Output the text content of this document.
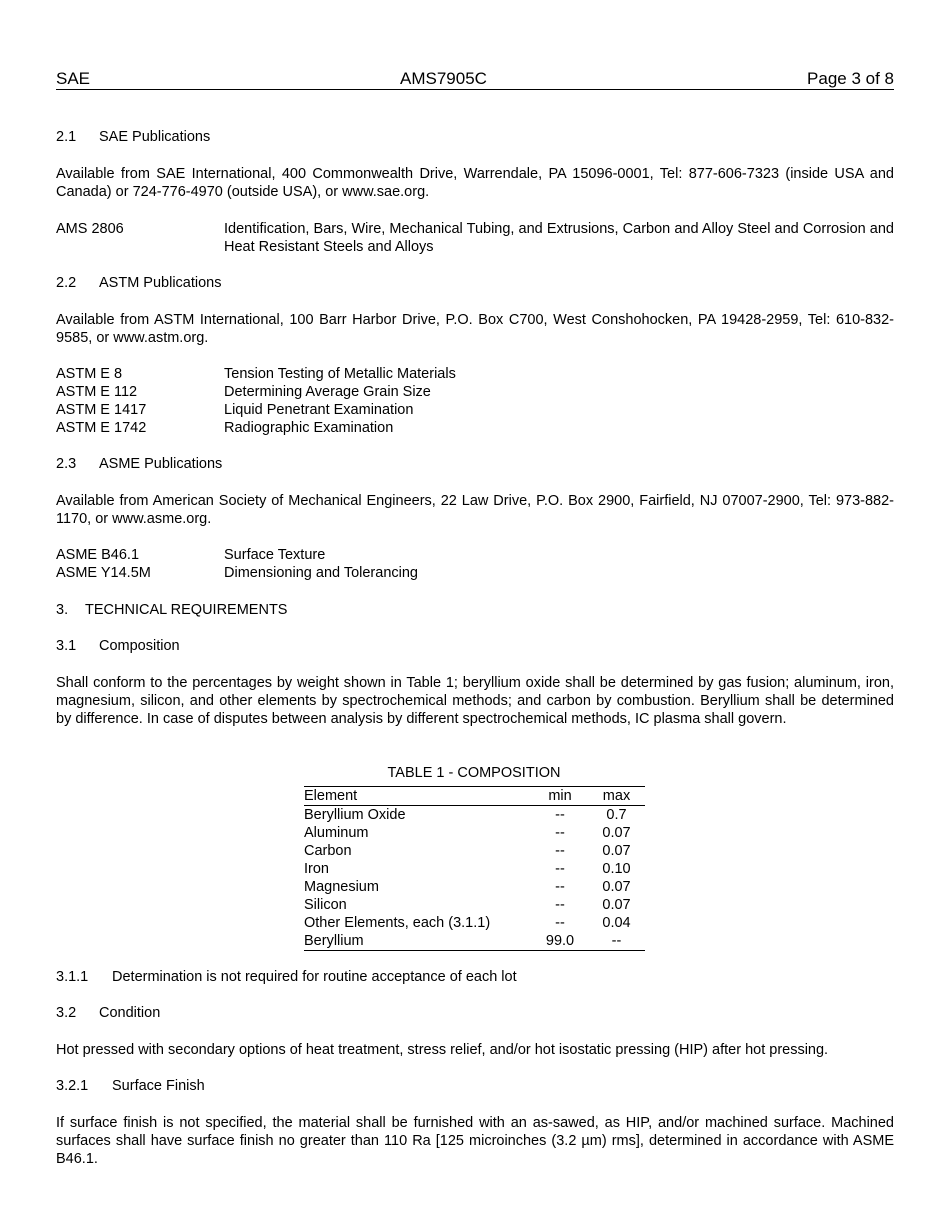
SAE	AMS7905C	Page 3 of 8
2.1 SAE Publications
Available from SAE International, 400 Commonwealth Drive, Warrendale, PA 15096-0001, Tel: 877-606-7323 (inside USA and Canada) or 724-776-4970 (outside USA), or www.sae.org.
AMS 2806	Identification, Bars, Wire, Mechanical Tubing, and Extrusions, Carbon and Alloy Steel and Corrosion and Heat Resistant Steels and Alloys
2.2 ASTM Publications
Available from ASTM International, 100 Barr Harbor Drive, P.O. Box C700, West Conshohocken, PA 19428-2959, Tel: 610-832-9585, or www.astm.org.
ASTM E 8	Tension Testing of Metallic Materials
ASTM E 112	Determining Average Grain Size
ASTM E 1417	Liquid Penetrant Examination
ASTM E 1742	Radiographic Examination
2.3 ASME Publications
Available from American Society of Mechanical Engineers, 22 Law Drive, P.O. Box 2900, Fairfield, NJ 07007-2900, Tel: 973-882-1170, or www.asme.org.
ASME B46.1	Surface Texture
ASME Y14.5M	Dimensioning and Tolerancing
3. TECHNICAL REQUIREMENTS
3.1 Composition
Shall conform to the percentages by weight shown in Table 1; beryllium oxide shall be determined by gas fusion; aluminum, iron, magnesium, silicon, and other elements by spectrochemical methods; and carbon by combustion. Beryllium shall be determined by difference. In case of disputes between analysis by different spectrochemical methods, IC plasma shall govern.
TABLE 1 - COMPOSITION
Element	min	max
Beryllium Oxide	--	0.7
Aluminum	--	0.07
Carbon	--	0.07
Iron	--	0.10
Magnesium	--	0.07
Silicon	--	0.07
Other Elements, each (3.1.1)	--	0.04
Beryllium	99.0	--
3.1.1 Determination is not required for routine acceptance of each lot
3.2 Condition
Hot pressed with secondary options of heat treatment, stress relief, and/or hot isostatic pressing (HIP) after hot pressing.
3.2.1 Surface Finish
If surface finish is not specified, the material shall be furnished with an as-sawed, as HIP, and/or machined surface. Machined surfaces shall have surface finish no greater than 110 Ra [125 microinches (3.2 µm) rms], determined in accordance with ASME B46.1.
